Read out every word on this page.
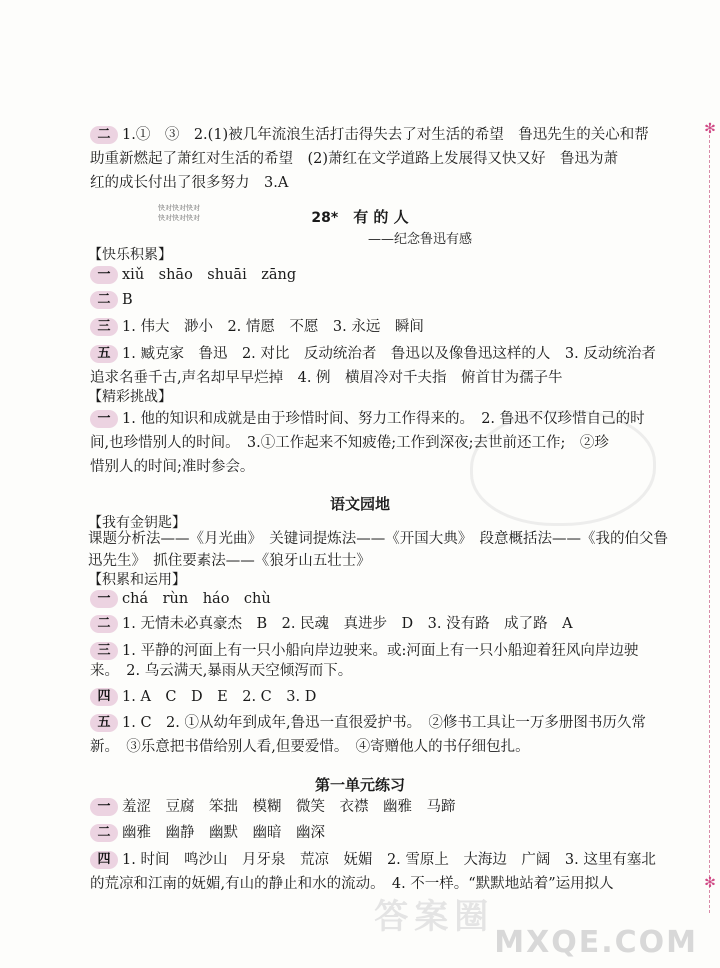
✻
✻
快对快对快对
快对快对快对
二 1.①　③　2.(1)被几年流浪生活打击得失去了对生活的希望　鲁迅先生的关心和帮
助重新燃起了萧红对生活的希望　(2)萧红在文学道路上发展得又快又好　鲁迅为萧
红的成长付出了很多努力　3.A
28*　 有 的 人
——纪念鲁迅有感
【快乐积累】
一 xiǔ　shāo　shuāi　zāng
二 B
三 1. 伟大　渺小　2. 情愿　不愿　3. 永远　瞬间
五 1. 臧克家　鲁迅　2. 对比　反动统治者　鲁迅以及像鲁迅这样的人　3. 反动统治者
追求名垂千古,声名却早早烂掉　4. 例　横眉冷对千夫指　俯首甘为孺子牛
【精彩挑战】
一 1. 他的知识和成就是由于珍惜时间、努力工作得来的。　2. 鲁迅不仅珍惜自己的时
间,也珍惜别人的时间。　3.①工作起来不知疲倦;工作到深夜;去世前还工作;　②珍
惜别人的时间;准时参会。
语文园地
【我有金钥匙】
课题分析法——《月光曲》　关键词提炼法——《开国大典》　段意概括法——《我的伯父鲁
迅先生》　抓住要素法——《狼牙山五壮士》
【积累和运用】
一 chá　rùn　háo　chù
二 1. 无情未必真豪杰　B　2. 民魂　真进步　D　3. 没有路　成了路　A
三 1. 平静的河面上有一只小船向岸边驶来。或:河面上有一只小船迎着狂风向岸边驶
来。　2. 乌云满天,暴雨从天空倾泻而下。
四 1. A　C　D　E　2. C　3. D
五 1. C　2. ①从幼年到成年,鲁迅一直很爱护书。　②修书工具让一万多册图书历久常
新。　③乐意把书借给别人看,但要爱惜。　④寄赠他人的书仔细包扎。
第一单元练习
一 羞涩　豆腐　笨拙　模糊　微笑　衣襟　幽雅　马蹄
二 幽雅　幽静　幽默　幽暗　幽深
四 1. 时间　鸣沙山　月牙泉　荒凉　妩媚　2. 雪原上　大海边　广阔　3. 这里有塞北
的荒凉和江南的妩媚,有山的静止和水的流动。　4. 不一样。“默默地站着”运用拟人
答案圈
MXQE.COM
